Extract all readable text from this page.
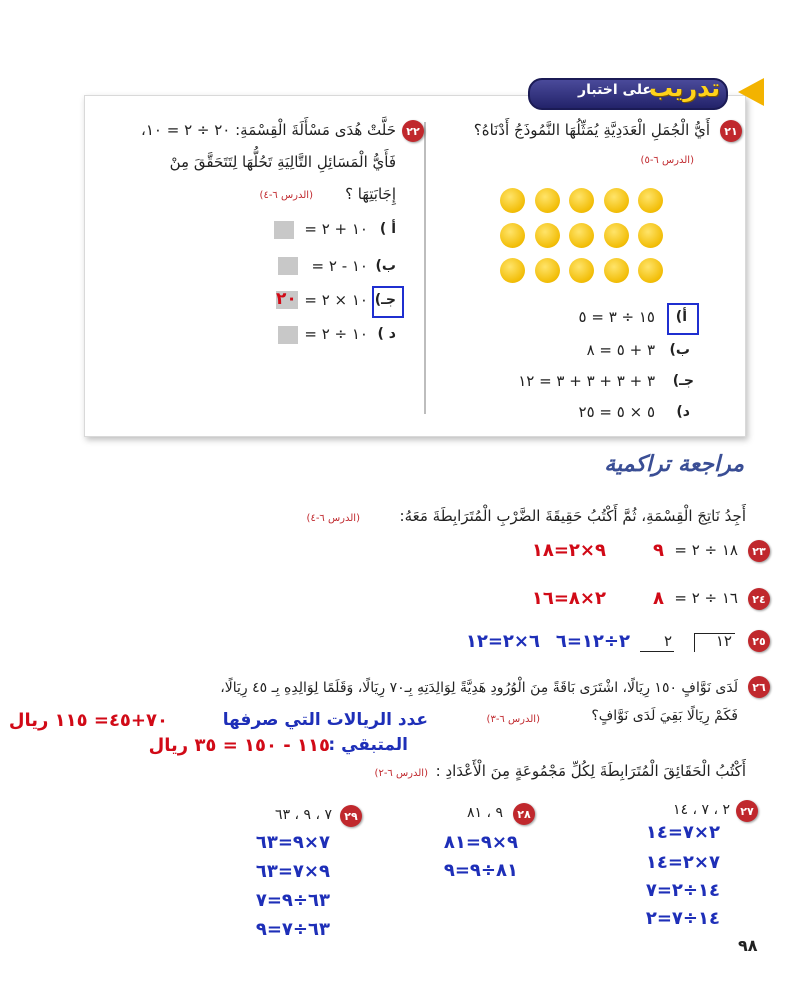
على اختبار
تدريب
٢١
أَيُّ الْجُمَلِ الْعَدَدِيَّةِ يُمَثِّلُهَا النَّمُوذَجُ أَدْنَاهُ؟
(الدرس ٦-٥)
أ)
١٥ ÷ ٣ = ٥
ب)
٣ + ٥ = ٨
جـ)
٣ + ٣ + ٣ + ٣ = ١٢
د)
٥ × ٥ = ٢٥
٢٢
حَلَّتْ هُدَى مَسْأَلَةَ الْقِسْمَةِ: ٢٠ ÷ ٢ = ١٠،
فَأَيُّ الْمَسَائِلِ التَّالِيَةِ تَحُلُّهَا لِتَتَحَقَّقَ مِنْ
إِجَابَتِهَا ؟
(الدرس ٦-٤)
أ )
١٠ + ٢ =
ب)
١٠ - ٢ =
جـ)
١٠ × ٢ =
٢٠
د )
١٠ ÷ ٢ =
مراجعة تراكمية
أَجِدُ نَاتِجَ الْقِسْمَةِ، ثُمَّ أَكْتُبُ حَقِيقَةَ الضَّرْبِ الْمُتَرَابِطَةَ مَعَهُ:
(الدرس ٦-٤)
٢٣
١٨ ÷ ٢ =
٩
٩×٢=١٨
٢٤
١٦ ÷ ٢ =
٨
٢×٨=١٦
٢٥
١٢
٢
٢÷١٢=٦
٦×٢=١٢
٢٦
لَدَى نَوَّافٍ ١٥٠ رِيَالًا، اشْتَرَى بَاقَةً مِنَ الْوُرُودِ هَدِيَّةً لِوَالِدَتِهِ بِـ٧٠ رِيَالًا، وَقَلَمًا لِوَالِدِهِ بِـ ٤٥ رِيَالًا،
فَكَمْ رِيَالًا بَقِيَ لَدَى نَوَّافٍ؟
(الدرس ٦-٣)
عدد الريالات التي صرفها
٧٠+٤٥= ١١٥ ريال
المتبقي :
١١٥ - ١٥٠ = ٣٥ ريال
أَكْتُبُ الْحَقَائِقَ الْمُتَرَابِطَةَ لِكُلِّ مَجْمُوعَةٍ مِنَ الْأَعْدَادِ :
(الدرس ٦-٢)
٢٧
٢ ، ٧ ، ١٤
٢×٧=١٤
٧×٢=١٤
١٤÷٢=٧
١٤÷٧=٢
٢٨
٩ ، ٨١
٩×٩=٨١
٨١÷٩=٩
٢٩
٧ ، ٩ ، ٦٣
٧×٩=٦٣
٩×٧=٦٣
٦٣÷٩=٧
٦٣÷٧=٩
٩٨
